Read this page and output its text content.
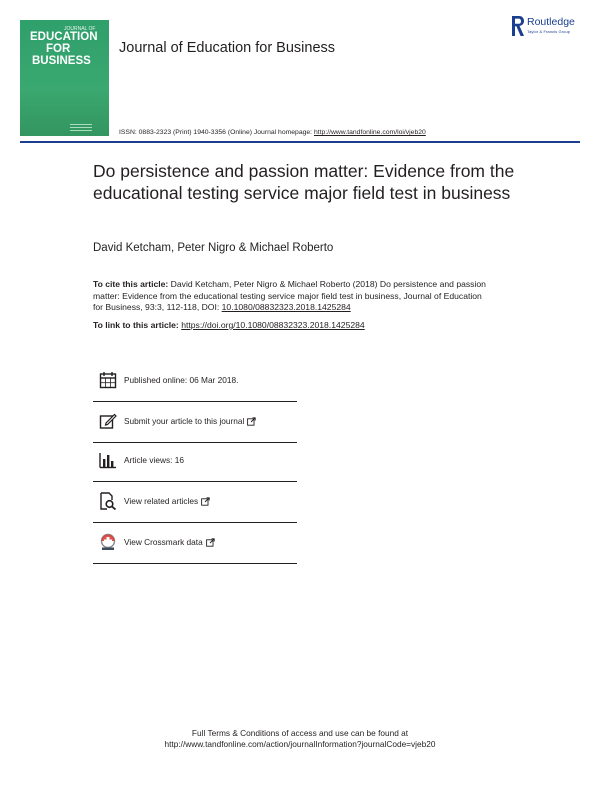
JOURNAL OF
EDUCATION
FOR
BUSINESS
Journal of Education for Business
Routledge
Taylor & Francis Group
ISSN: 0883-2323 (Print) 1940-3356 (Online) Journal homepage: http://www.tandfonline.com/loi/vjeb20
Do persistence and passion matter: Evidence from the educational testing service major field test in business
David Ketcham, Peter Nigro & Michael Roberto
To cite this article: David Ketcham, Peter Nigro & Michael Roberto (2018) Do persistence and passion matter: Evidence from the educational testing service major field test in business, Journal of Education for Business, 93:3, 112-118, DOI: 10.1080/08832323.2018.1425284
To link to this article: https://doi.org/10.1080/08832323.2018.1425284
Published online: 06 Mar 2018.
Submit your article to this journal
Article views: 16
View related articles
View Crossmark data
Full Terms & Conditions of access and use can be found at
http://www.tandfonline.com/action/journalInformation?journalCode=vjeb20
